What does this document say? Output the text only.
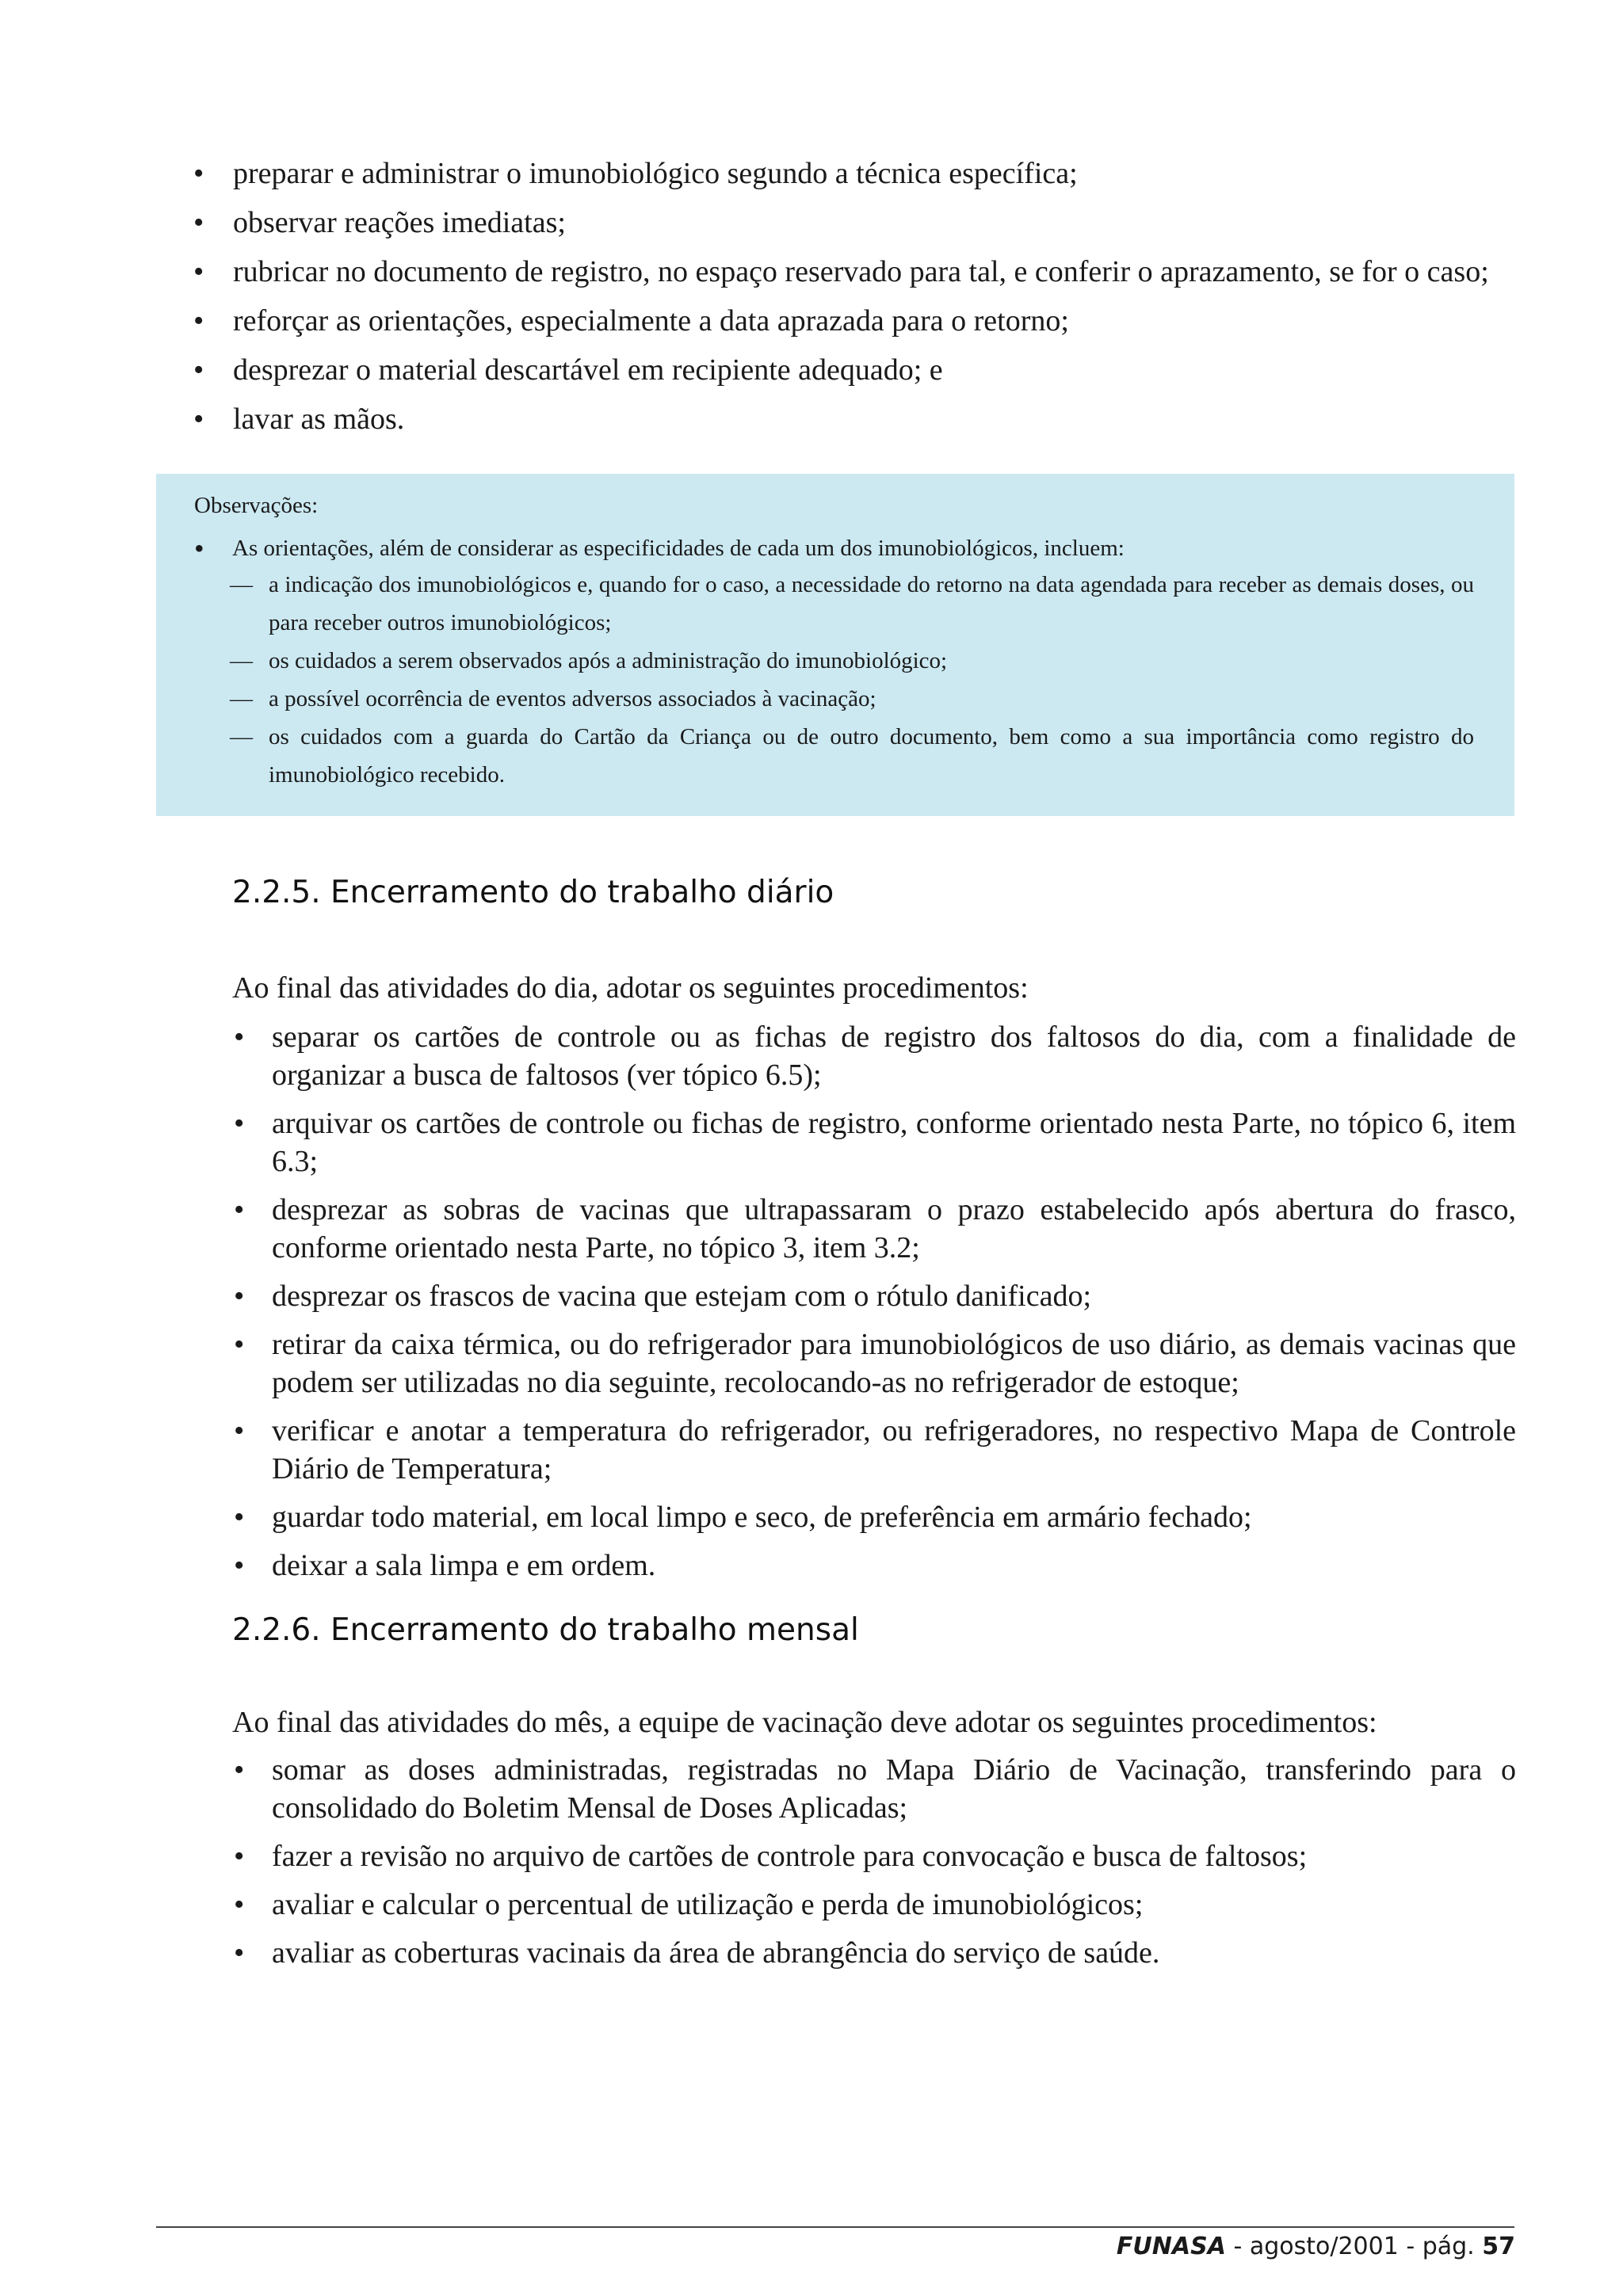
• preparar e administrar o imunobiológico segundo a técnica específica;
• observar reações imediatas;
• rubricar no documento de registro, no espaço reservado para tal, e conferir o aprazamento, se for o caso;
• reforçar as orientações, especialmente a data aprazada para o retorno;
• desprezar o material descartável em recipiente adequado; e
• lavar as mãos.
Observações:
• As orientações, além de considerar as especificidades de cada um dos imunobiológicos, incluem:
— a indicação dos imunobiológicos e, quando for o caso, a necessidade do retorno na data agendada para receber as demais doses, ou para receber outros imunobiológicos;
— os cuidados a serem observados após a administração do imunobiológico;
— a possível ocorrência de eventos adversos associados à vacinação;
— os cuidados com a guarda do Cartão da Criança ou de outro documento, bem como a sua importância como registro do imunobiológico recebido.
2.2.5. Encerramento do trabalho diário
Ao final das atividades do dia, adotar os seguintes procedimentos:
• separar os cartões de controle ou as fichas de registro dos faltosos do dia, com a finalidade de organizar a busca de faltosos (ver tópico 6.5);
• arquivar os cartões de controle ou fichas de registro, conforme orientado nesta Parte, no tópico 6, item 6.3;
• desprezar as sobras de vacinas que ultrapassaram o prazo estabelecido após abertura do frasco, conforme orientado nesta Parte, no tópico 3, item 3.2;
• desprezar os frascos de vacina que estejam com o rótulo danificado;
• retirar da caixa térmica, ou do refrigerador para imunobiológicos de uso diário, as demais vacinas que podem ser utilizadas no dia seguinte, recolocando-as no refrigerador de estoque;
• verificar e anotar a temperatura do refrigerador, ou refrigeradores, no respectivo Mapa de Controle Diário de Temperatura;
• guardar todo material, em local limpo e seco, de preferência em armário fechado;
• deixar a sala limpa e em ordem.
2.2.6. Encerramento do trabalho mensal
Ao final das atividades do mês, a equipe de vacinação deve adotar os seguintes procedimentos:
• somar as doses administradas, registradas no Mapa Diário de Vacinação, transferindo para o consolidado do Boletim Mensal de Doses Aplicadas;
• fazer a revisão no arquivo de cartões de controle para convocação e busca de faltosos;
• avaliar e calcular o percentual de utilização e perda de imunobiológicos;
• avaliar as coberturas vacinais da área de abrangência do serviço de saúde.
FUNASA - agosto/2001 - pág. 57
